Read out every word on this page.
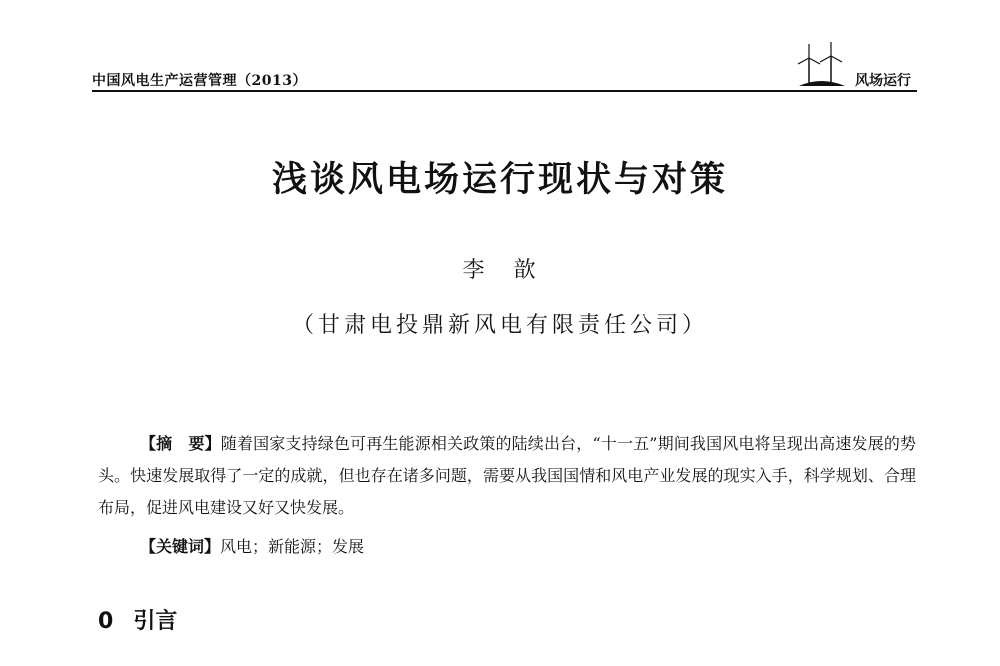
中国风电生产运营管理（2013）	风场运行
浅谈风电场运行现状与对策
李 歆
（甘肃电投鼎新风电有限责任公司）

【摘　要】随着国家支持绿色可再生能源相关政策的陆续出台，“十一五”期间我国风电将呈现出高速发展的势头。快速发展取得了一定的成就，但也存在诸多问题，需要从我国国情和风电产业发展的现实入手，科学规划、合理布局，促进风电建设又好又快发展。

【关键词】风电；新能源；发展

0 引言
